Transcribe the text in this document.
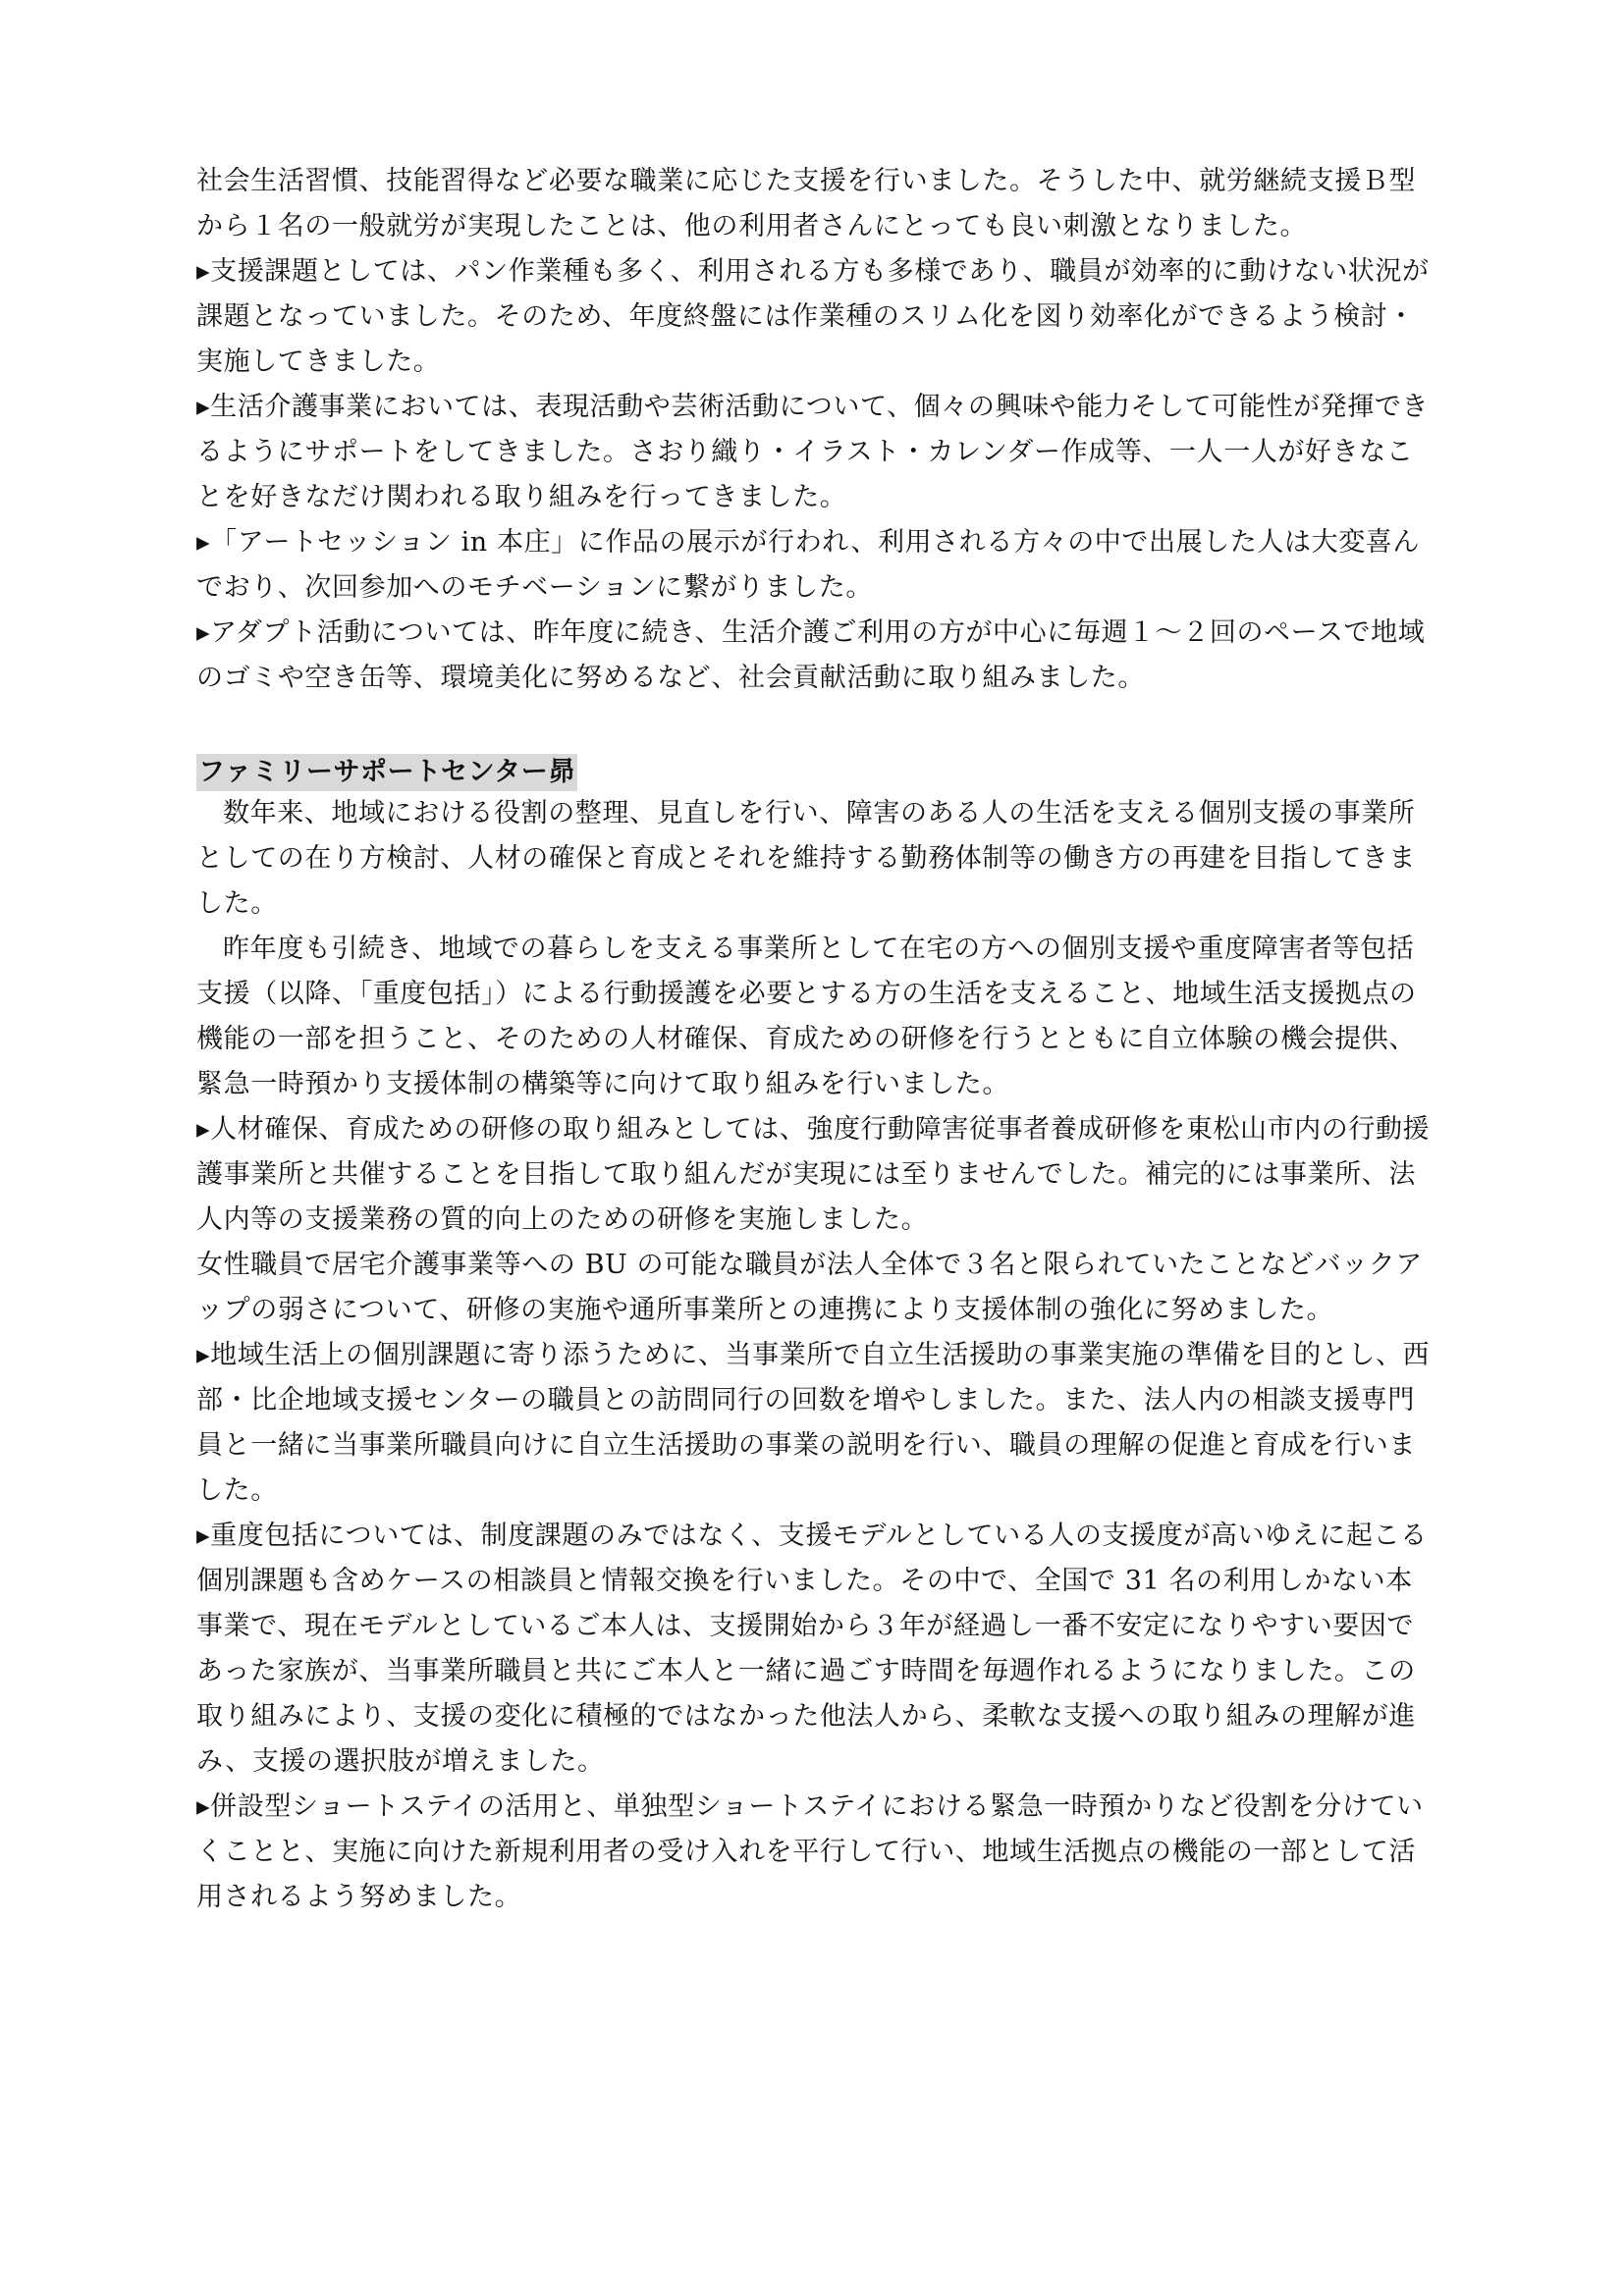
社会生活習慣、技能習得など必要な職業に応じた支援を行いました。そうした中、就労継続支援Ｂ型から１名の一般就労が実現したことは、他の利用者さんにとっても良い刺激となりました。

▸支援課題としては、パン作業種も多く、利用される方も多様であり、職員が効率的に動けない状況が課題となっていました。そのため、年度終盤には作業種のスリム化を図り効率化ができるよう検討・実施してきました。

▸生活介護事業においては、表現活動や芸術活動について、個々の興味や能力そして可能性が発揮できるようにサポートをしてきました。さおり織り・イラスト・カレンダー作成等、一人一人が好きなことを好きなだけ関われる取り組みを行ってきました。

▸「アートセッション in 本庄」に作品の展示が行われ、利用される方々の中で出展した人は大変喜んでおり、次回参加へのモチベーションに繋がりました。

▸アダプト活動については、昨年度に続き、生活介護ご利用の方が中心に毎週１～２回のペースで地域のゴミや空き缶等、環境美化に努めるなど、社会貢献活動に取り組みました。

ファミリーサポートセンター昴

数年来、地域における役割の整理、見直しを行い、障害のある人の生活を支える個別支援の事業所としての在り方検討、人材の確保と育成とそれを維持する勤務体制等の働き方の再建を目指してきました。

昨年度も引続き、地域での暮らしを支える事業所として在宅の方への個別支援や重度障害者等包括支援（以降、「重度包括」）による行動援護を必要とする方の生活を支えること、地域生活支援拠点の機能の一部を担うこと、そのための人材確保、育成ための研修を行うとともに自立体験の機会提供、緊急一時預かり支援体制の構築等に向けて取り組みを行いました。

▸人材確保、育成ための研修の取り組みとしては、強度行動障害従事者養成研修を東松山市内の行動援護事業所と共催することを目指して取り組んだが実現には至りませんでした。補完的には事業所、法人内等の支援業務の質的向上のための研修を実施しました。

女性職員で居宅介護事業等への BU の可能な職員が法人全体で３名と限られていたことなどバックアップの弱さについて、研修の実施や通所事業所との連携により支援体制の強化に努めました。

▸地域生活上の個別課題に寄り添うために、当事業所で自立生活援助の事業実施の準備を目的とし、西部・比企地域支援センターの職員との訪問同行の回数を増やしました。また、法人内の相談支援専門員と一緒に当事業所職員向けに自立生活援助の事業の説明を行い、職員の理解の促進と育成を行いました。

▸重度包括については、制度課題のみではなく、支援モデルとしている人の支援度が高いゆえに起こる個別課題も含めケースの相談員と情報交換を行いました。その中で、全国で 31 名の利用しかない本事業で、現在モデルとしているご本人は、支援開始から３年が経過し一番不安定になりやすい要因であった家族が、当事業所職員と共にご本人と一緒に過ごす時間を毎週作れるようになりました。この取り組みにより、支援の変化に積極的ではなかった他法人から、柔軟な支援への取り組みの理解が進み、支援の選択肢が増えました。

▸併設型ショートステイの活用と、単独型ショートステイにおける緊急一時預かりなど役割を分けていくことと、実施に向けた新規利用者の受け入れを平行して行い、地域生活拠点の機能の一部として活用されるよう努めました。
